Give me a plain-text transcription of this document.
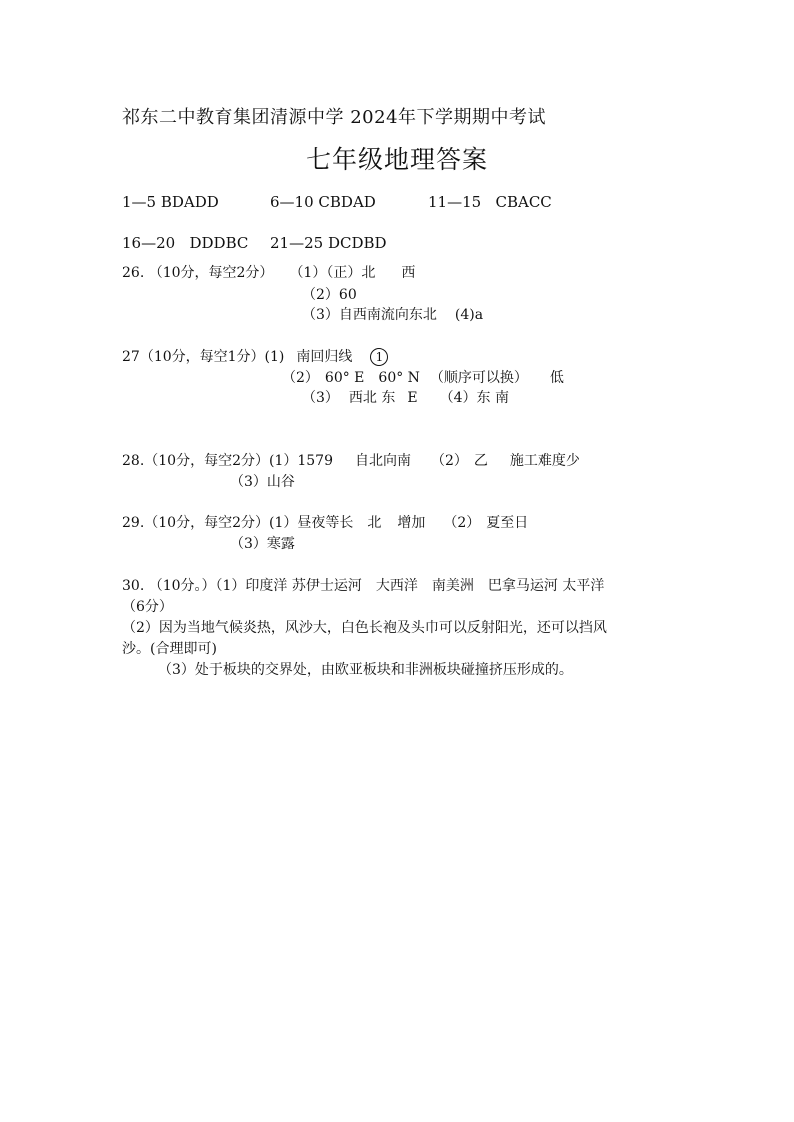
祁东二中教育集团清源中学 2024年下学期期中考试
七年级地理答案
1—5 BDADD	6—10 CBDAD	11—15 CBACC
16—20 DDDBC 21—25 DCDBD
26. （10分，每空2分） （1）（正）北 西
（2）60
（3）自西南流向东北 (4)a
27（10分，每空1分）(1) 南回归线 1
（2） 60° E 60° N （顺序可以换） 低
（3） 西北 东 E （4）东 南
28.（10分，每空2分）(1）1579 自北向南 （2） 乙 施工难度少
（3）山谷
29.（10分，每空2分）(1）昼夜等长 北 增加 （2） 夏至日
（3）寒露
30. （10分。）（1）印度洋 苏伊士运河　大西洋　南美洲　巴拿马运河 太平洋
（6分）
（2）因为当地气候炎热，风沙大，白色长袍及头巾可以反射阳光，还可以挡风
沙。(合理即可)
（3）处于板块的交界处，由欧亚板块和非洲板块碰撞挤压形成的。
